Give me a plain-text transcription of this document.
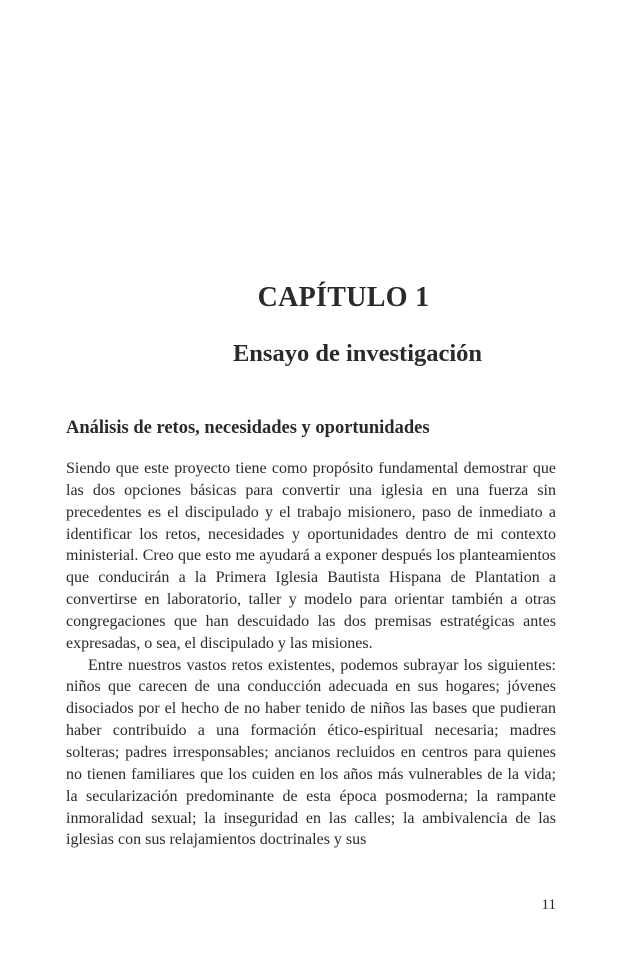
CAPÍTULO 1
Ensayo de investigación
Análisis de retos, necesidades y oportunidades

Siendo que este proyecto tiene como propósito fundamental demostrar que las dos opciones básicas para convertir una iglesia en una fuerza sin precedentes es el discipulado y el trabajo misionero, paso de inmediato a identificar los retos, necesidades y oportunidades dentro de mi contexto ministerial. Creo que esto me ayudará a exponer después los planteamientos que conducirán a la Primera Iglesia Bautista Hispana de Plantation a convertirse en laboratorio, taller y modelo para orientar también a otras congregaciones que han descuidado las dos premisas estratégicas antes expresadas, o sea, el discipulado y las misiones.

Entre nuestros vastos retos existentes, podemos subrayar los siguientes: niños que carecen de una conducción adecuada en sus hogares; jóvenes disociados por el hecho de no haber tenido de niños las bases que pudieran haber contribuido a una formación ético-espiritual necesaria; madres solteras; padres irresponsables; ancianos recluidos en centros para quienes no tienen familiares que los cuiden en los años más vulnerables de la vida; la secularización predominante de esta época posmoderna; la rampante inmoralidad sexual; la inseguridad en las calles; la ambivalencia de las iglesias con sus relajamientos doctrinales y sus

11
